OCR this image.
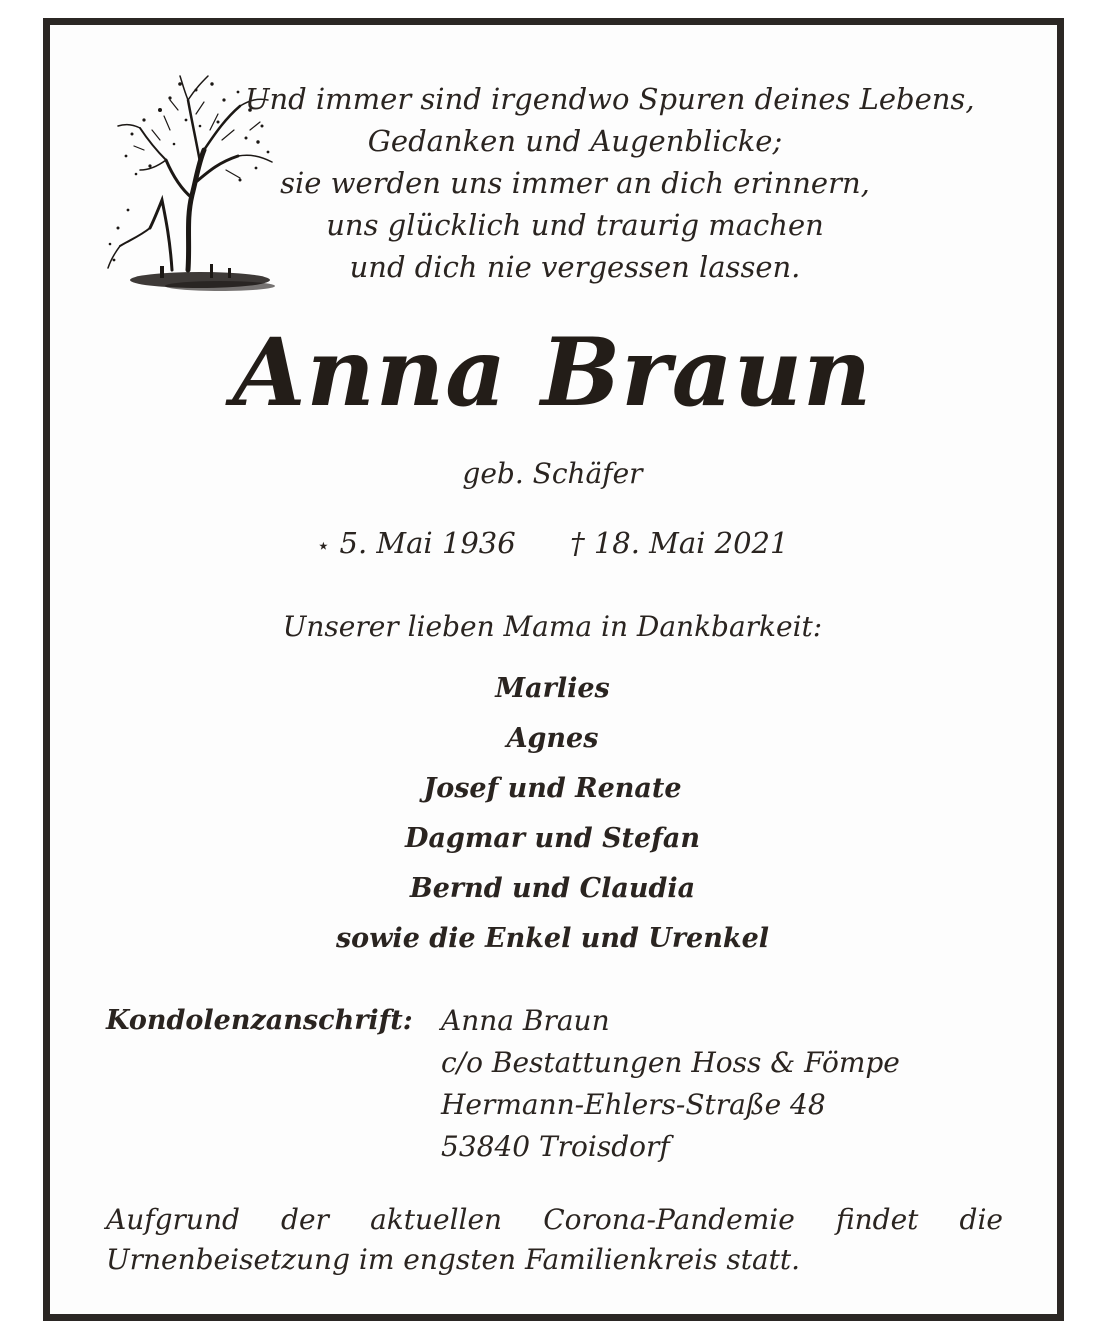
Und immer sind irgendwo Spuren deines Lebens,
Gedanken und Augenblicke;
sie werden uns immer an dich erinnern,
uns glücklich und traurig machen
und dich nie vergessen lassen.
Anna Braun
geb. Schäfer
⋆ 5. Mai 1936 † 18. Mai 2021
Unserer lieben Mama in Dankbarkeit:
Marlies
Agnes
Josef und Renate
Dagmar und Stefan
Bernd und Claudia
sowie die Enkel und Urenkel
Kondolenzanschrift: Anna Braun
c/o Bestattungen Hoss & Fömpe
Hermann-Ehlers-Straße 48
53840 Troisdorf
Aufgrund der aktuellen Corona-Pandemie findet die Urnenbeisetzung im engsten Familienkreis statt.
